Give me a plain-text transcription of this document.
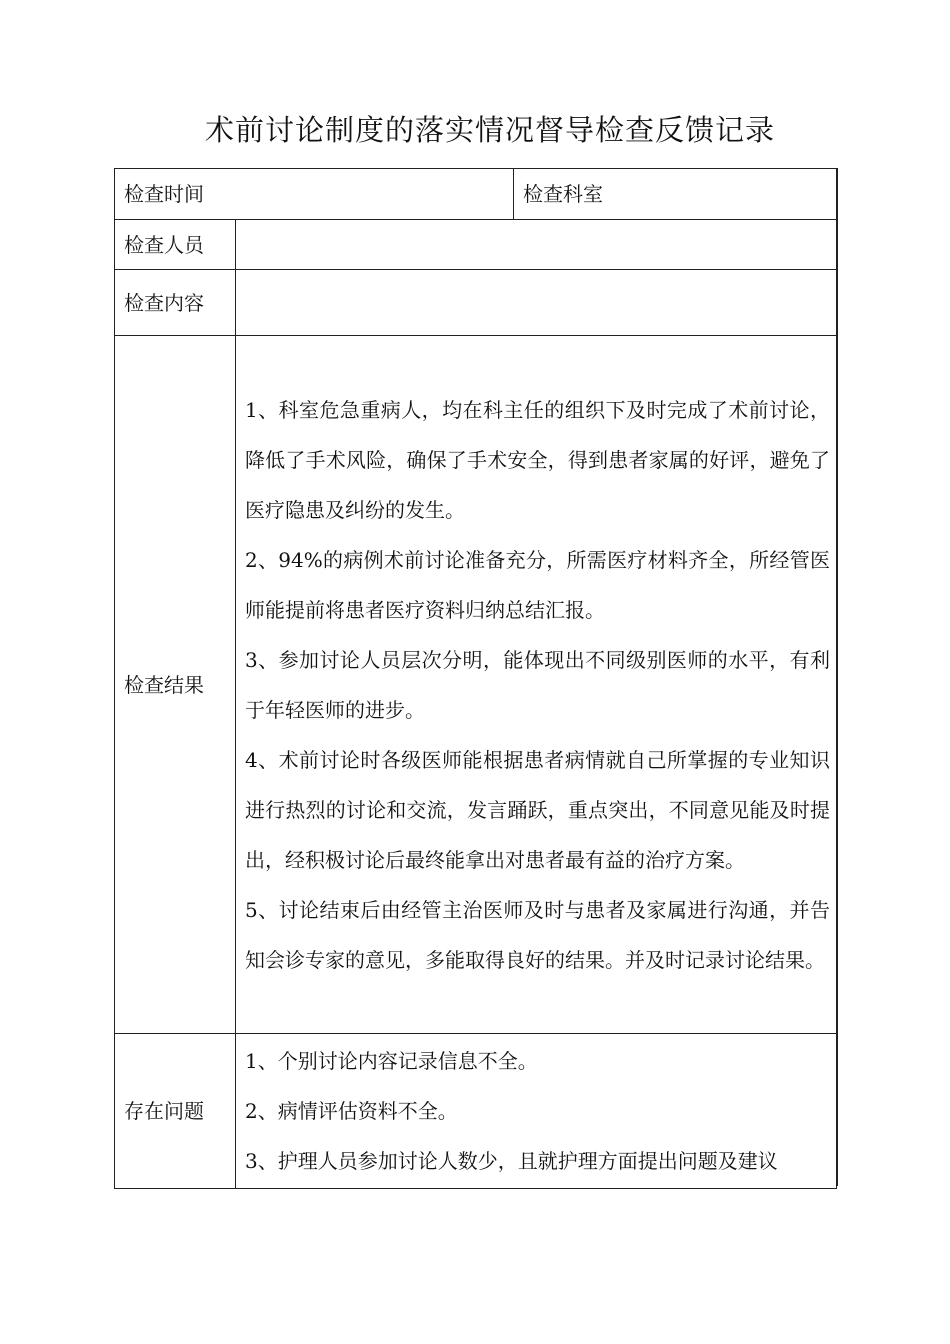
术前讨论制度的落实情况督导检查反馈记录
检查时间		检查科室
检查人员		
检查内容		
检查结果	1、科室危急重病人，均在科主任的组织下及时完成了术前讨论，降低了手术风险，确保了手术安全，得到患者家属的好评，避免了医疗隐患及纠纷的发生。
2、94%的病例术前讨论准备充分，所需医疗材料齐全，所经管医师能提前将患者医疗资料归纳总结汇报。
3、参加讨论人员层次分明，能体现出不同级别医师的水平，有利于年轻医师的进步。
4、术前讨论时各级医师能根据患者病情就自己所掌握的专业知识进行热烈的讨论和交流，发言踊跃，重点突出，不同意见能及时提出，经积极讨论后最终能拿出对患者最有益的治疗方案。
5、讨论结束后由经管主治医师及时与患者及家属进行沟通，并告知会诊专家的意见，多能取得良好的结果。并及时记录讨论结果。	

存在问题	1、个别讨论内容记录信息不全。
2、病情评估资料不全。
3、护理人员参加讨论人数少，且就护理方面提出问题及建议	
